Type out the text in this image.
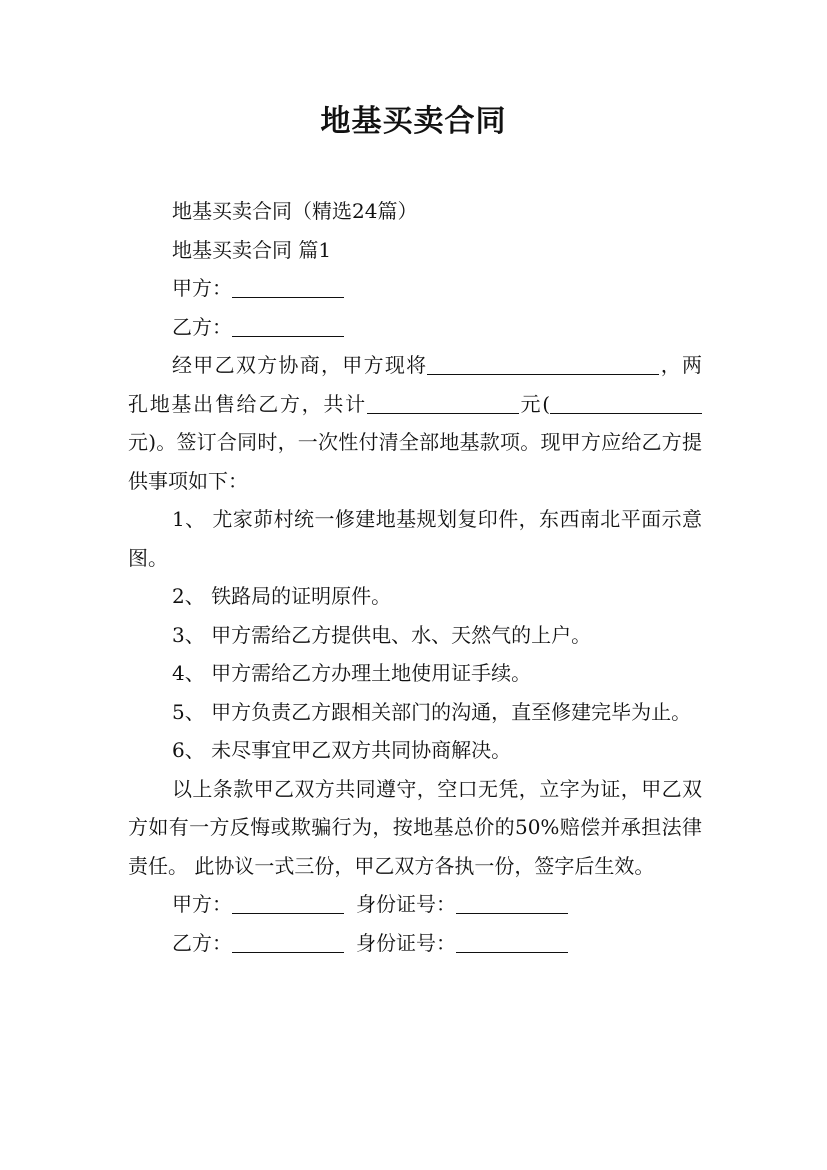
地基买卖合同

地基买卖合同（精选24篇）

地基买卖合同 篇1

甲方：

乙方：

经甲乙双方协商，甲方现将	，两孔地基出售给乙方，共计	元(元)。签订合同时，一次性付清全部地基款项。现甲方应给乙方提供事项如下：

1、 尤家茆村统一修建地基规划复印件，东西南北平面示意图。

2、 铁路局的证明原件。

3、 甲方需给乙方提供电、水、天然气的上户。

4、 甲方需给乙方办理土地使用证手续。

5、 甲方负责乙方跟相关部门的沟通，直至修建完毕为止。

6、 未尽事宜甲乙双方共同协商解决。

以上条款甲乙双方共同遵守，空口无凭，立字为证，甲乙双方如有一方反悔或欺骗行为，按地基总价的50%赔偿并承担法律责任。 此协议一式三份，甲乙双方各执一份，签字后生效。

甲方：	身份证号：

乙方：	身份证号：
